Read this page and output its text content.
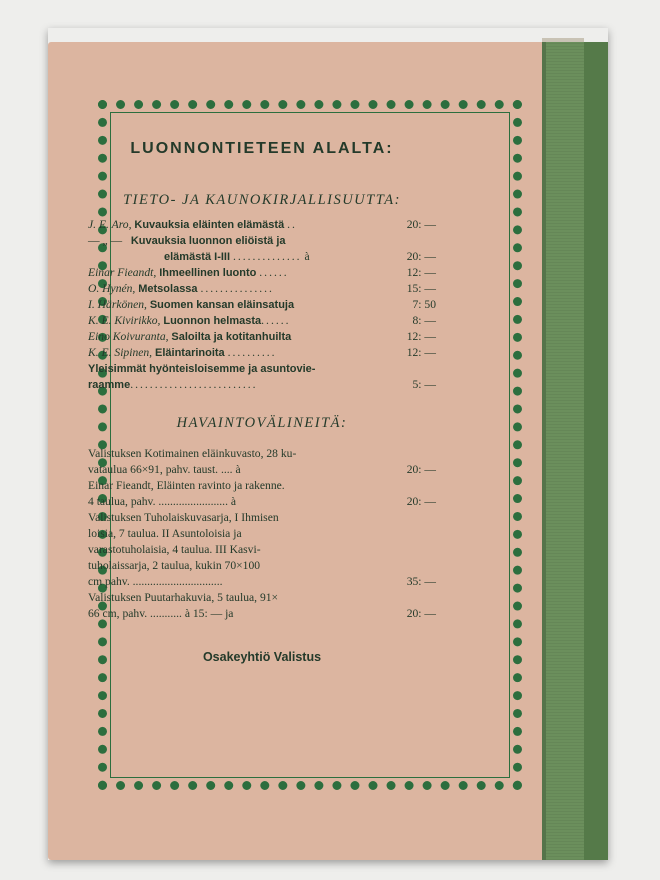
LUONNONTIETEEN ALALTA:
TIETO- JA KAUNOKIRJALLISUUTTA:
J. E. Aro, Kuvauksia eläinten elämästä ..	20: —
— „ — Kuvauksia luonnon eliöistä ja
elämästä I-III .............. à	20: —
Einar Fieandt, Ihmeellinen luonto ......	12: —
O. Hynén, Metsolassa ...............	15: —
I. Härkönen, Suomen kansan eläinsatuja	7: 50
K. E. Kivirikko, Luonnon helmasta......	8: —
Eino Koivuranta, Saloilta ja kotitanhuilta	12: —
K. E. Sipinen, Eläintarinoita ..........	12: —
Yleisimmät hyönteisloisemme ja asuntovie-
raamme..........................	5: —
HAVAINTOVÄLINEITÄ:
Valistuksen Kotimainen eläinkuvasto, 28 ku-
vataulua 66×91, pahv. taust. .... à	20: —
Einar Fieandt, Eläinten ravinto ja rakenne.
4 taulua, pahv. ........................ à	20: —
Valistuksen Tuholaiskuvasarja, I Ihmisen
loisia, 7 taulua. II Asuntoloisia ja
varastotuholaisia, 4 taulua. III Kasvi-
tuholaissarja, 2 taulua, kukin 70×100
cm pahv. ...............................	35: —
Valistuksen Puutarhakuvia, 5 taulua, 91×
66 cm, pahv. ........... à 15: — ja	20: —
Osakeyhtiö Valistus
